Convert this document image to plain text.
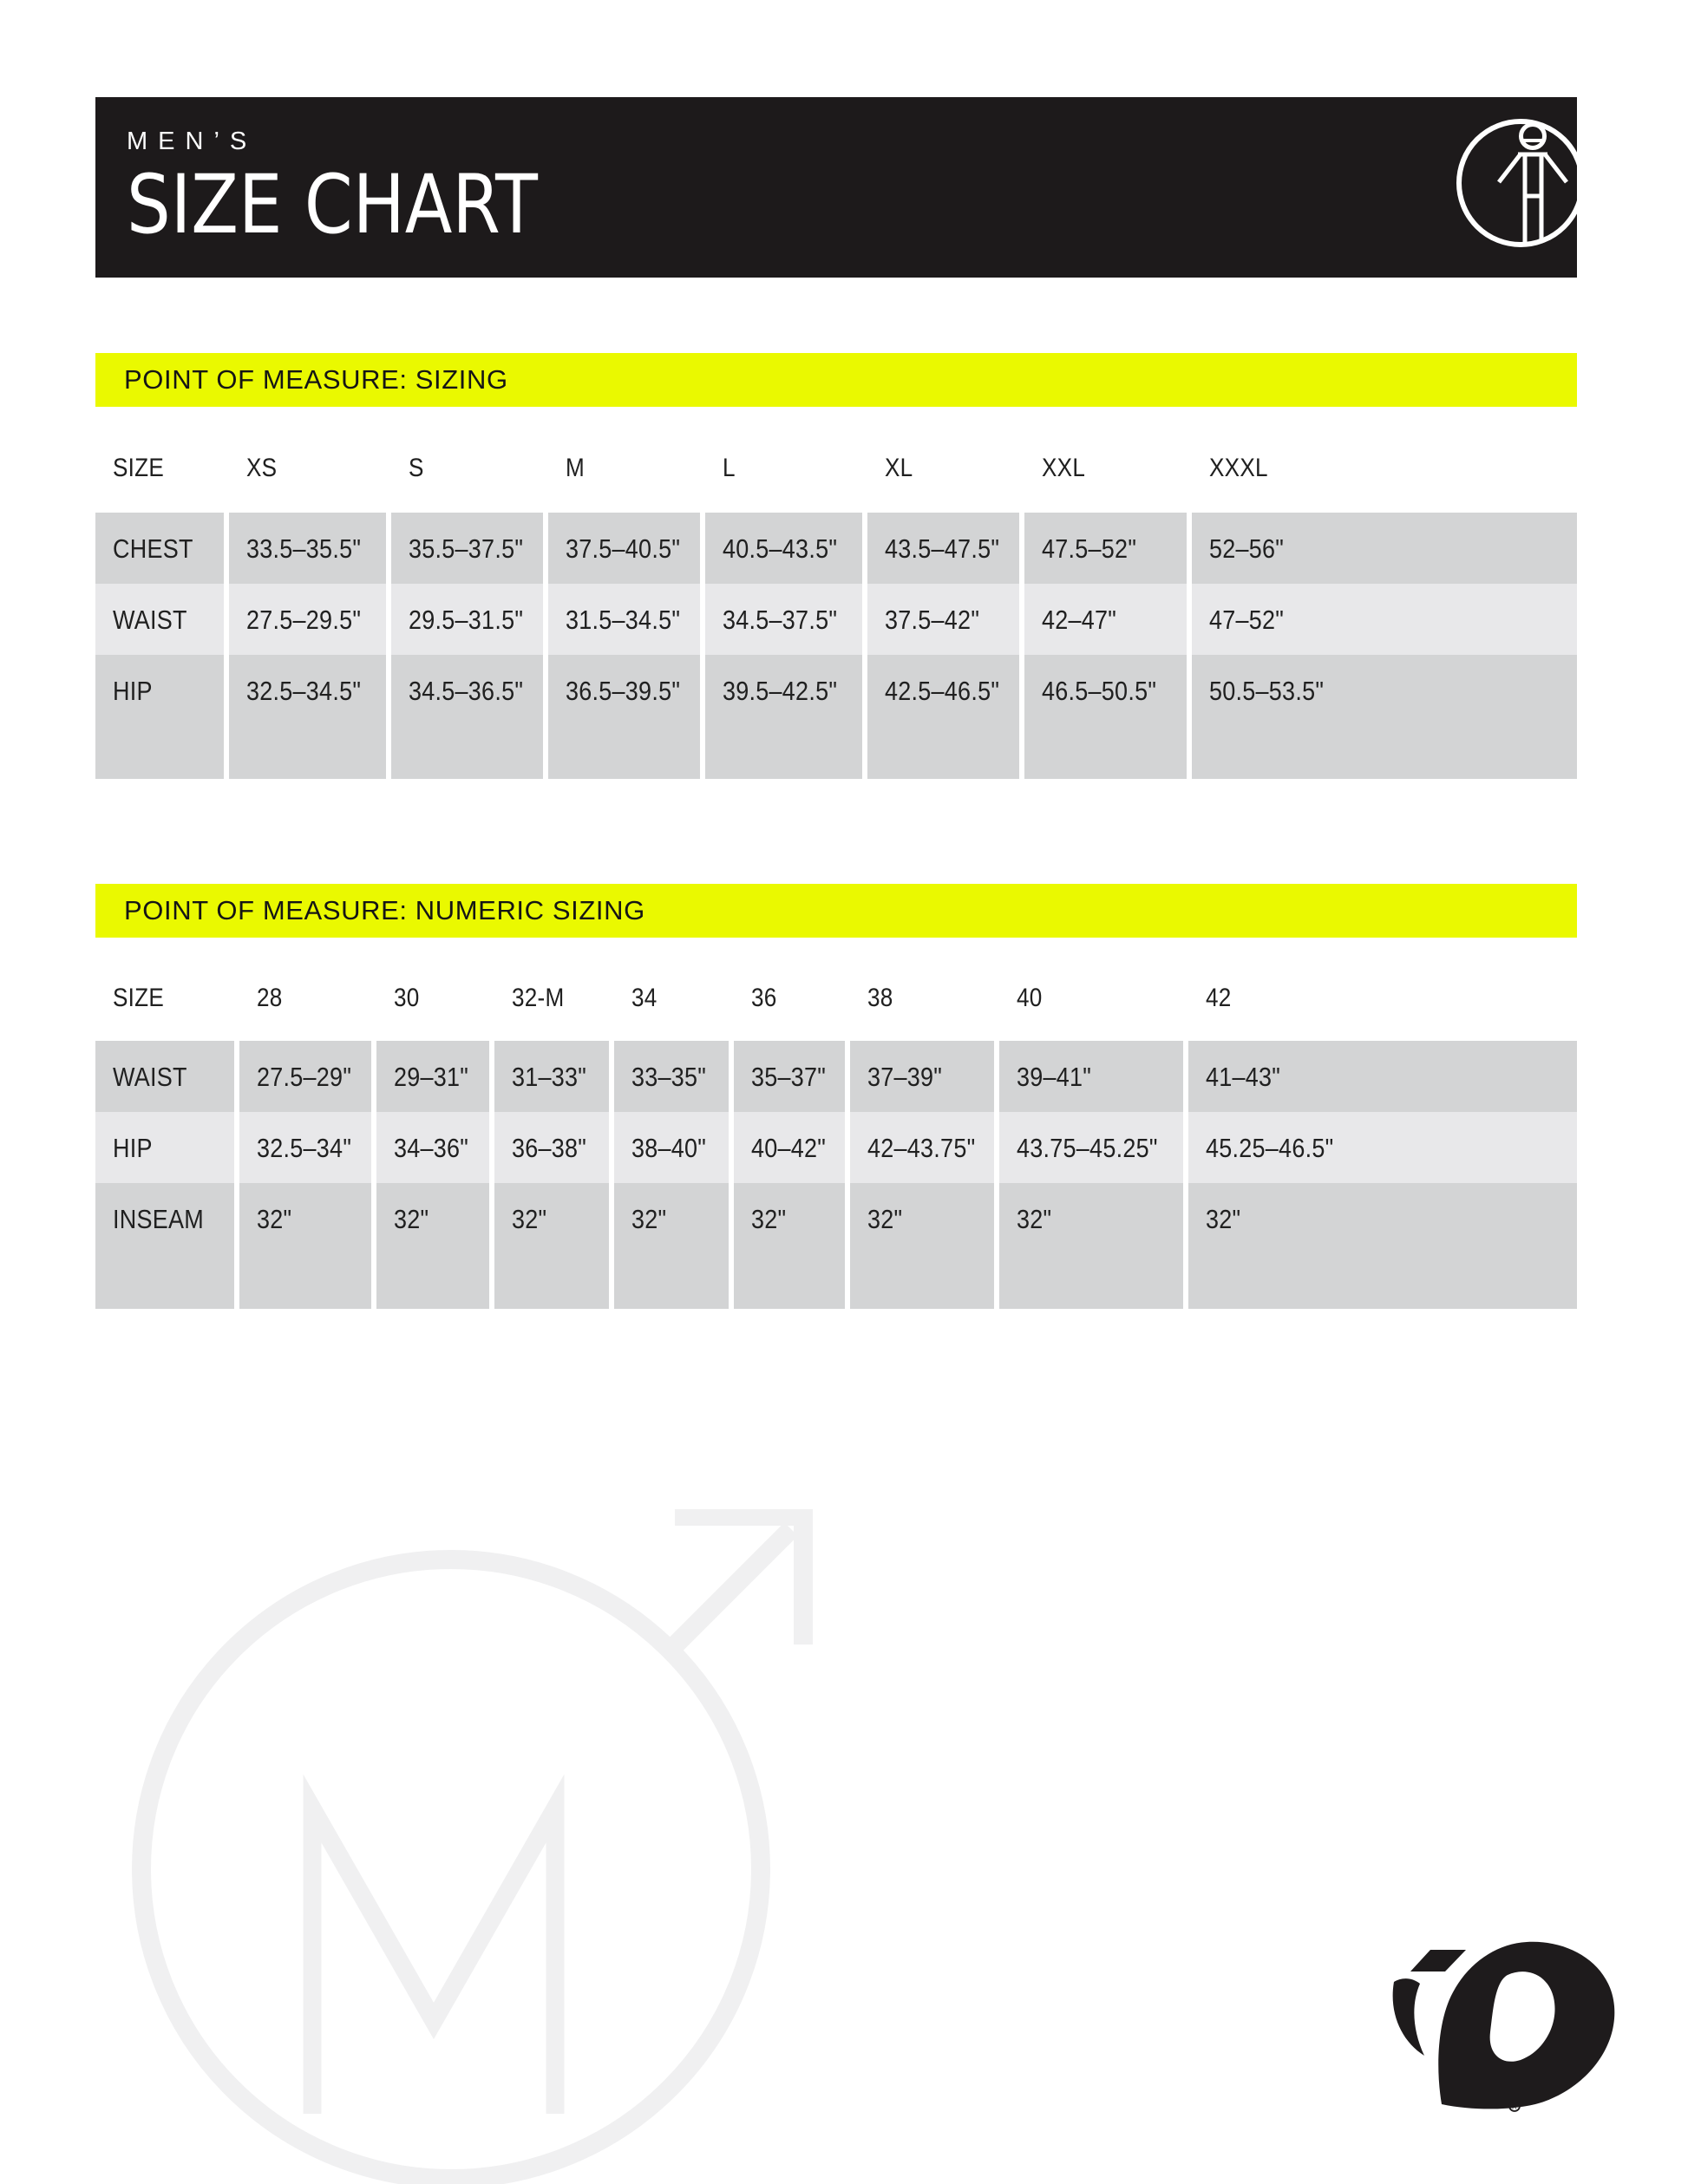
MEN’S
SIZE CHART
POINT OF MEASURE: SIZING
SIZE	XS	S	M	L	XL	XXL	XXXL
CHEST 33.5–35.5" 35.5–37.5" 37.5–40.5" 40.5–43.5" 43.5–47.5" 47.5–52"	52–56"
WAIST 27.5–29.5" 29.5–31.5" 31.5–34.5" 34.5–37.5" 37.5–42" 42–47"	47–52"
HIP	32.5–34.5" 34.5–36.5" 36.5–39.5" 39.5–42.5" 42.5–46.5" 46.5–50.5" 50.5–53.5"
POINT OF MEASURE: NUMERIC SIZING
SIZE	28	30	32-M	34	36	38	40	42
WAIST	27.5–29" 29–31" 31–33" 33–35" 35–37" 37–39"	39–41"	41–43"
HIP	32.5–34" 34–36" 36–38" 38–40" 40–42" 42–43.75" 43.75–45.25" 45.25–46.5"
INSEAM 32"	32"	32"	32"	32"	32"	32"	32"
R
